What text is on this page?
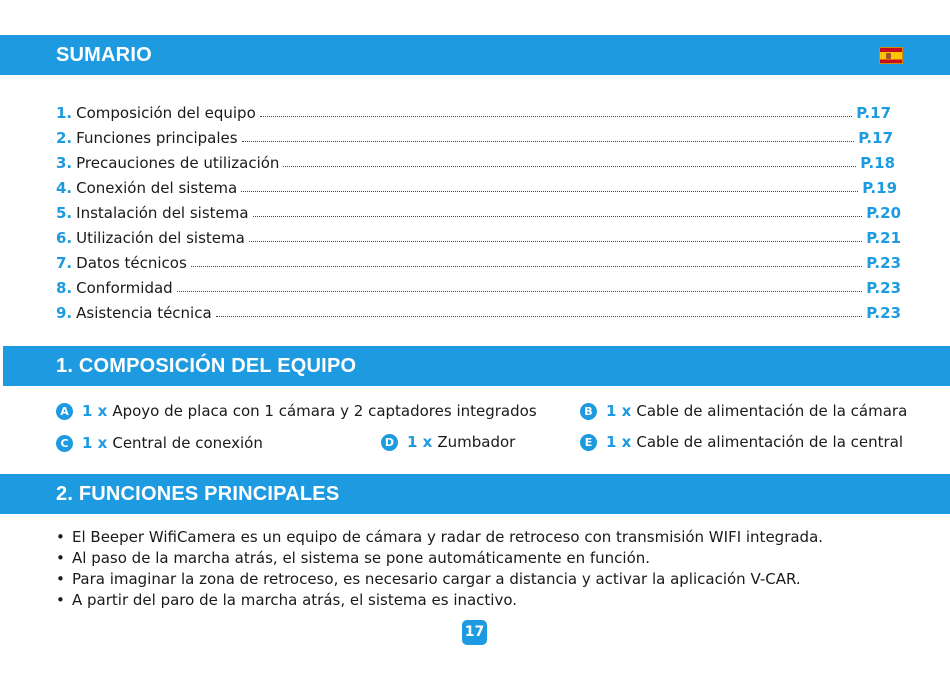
SUMARIO
1. Composición del equipo	P.17
2. Funciones principales	P.17
3. Precauciones de utilización	P.18
4. Conexión del sistema	P.19
5. Instalación del sistema	P.20
6. Utilización del sistema	P.21
7. Datos técnicos	P.23
8. Conformidad	P.23
9. Asistencia técnica	P.23
1. COMPOSICIÓN DEL EQUIPO
A 1 x Apoyo de placa con 1 cámara y 2 captadores integrados	B 1 x Cable de alimentación de la cámara
C 1 x Central de conexión	D 1 x Zumbador	E 1 x Cable de alimentación de la central
2. FUNCIONES PRINCIPALES
• El Beeper WifiCamera es un equipo de cámara y radar de retroceso con transmisión WIFI integrada.
• Al paso de la marcha atrás, el sistema se pone automáticamente en función.
• Para imaginar la zona de retroceso, es necesario cargar a distancia y activar la aplicación V-CAR.
• A partir del paro de la marcha atrás, el sistema es inactivo.
17
